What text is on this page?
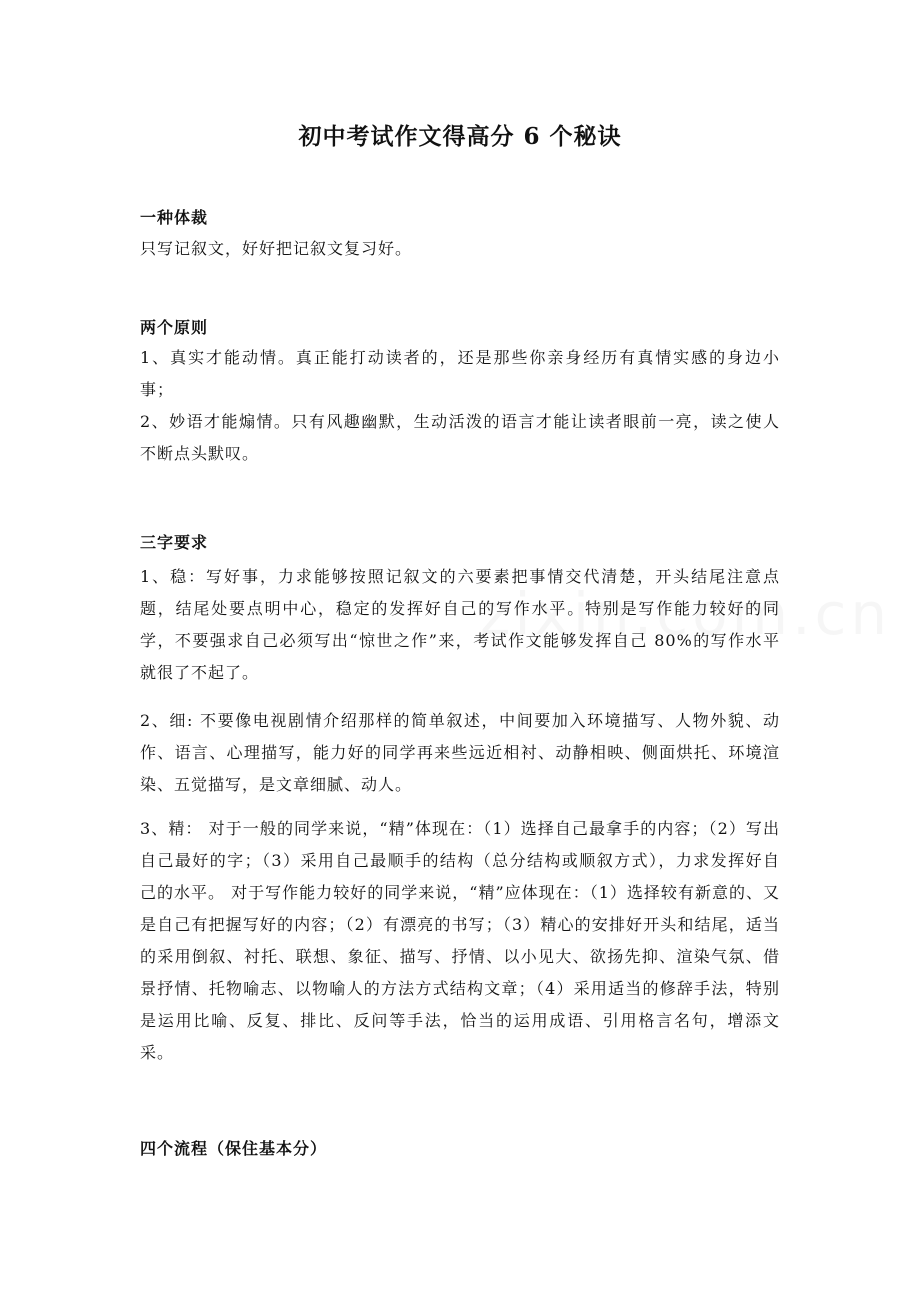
初中考试作文得高分 6 个秘诀
一种体裁

只写记叙文，好好把记叙文复习好。

两个原则

1、真实才能动情。真正能打动读者的，还是那些你亲身经历有真情实感的身边小事；

2、妙语才能煽情。只有风趣幽默，生动活泼的语言才能让读者眼前一亮，读之使人不断点头默叹。

三字要求

1、稳：写好事，力求能够按照记叙文的六要素把事情交代清楚，开头结尾注意点题，结尾处要点明中心，稳定的发挥好自己的写作水平。特别是写作能力较好的同学，不要强求自己必须写出“惊世之作”来，考试作文能够发挥自己 80%的写作水平就很了不起了。

2、细: 不要像电视剧情介绍那样的简单叙述，中间要加入环境描写、人物外貌、动作、语言、心理描写，能力好的同学再来些远近相衬、动静相映、侧面烘托、环境渲染、五觉描写，是文章细腻、动人。

3、精： 对于一般的同学来说，“精”体现在：（1）选择自己最拿手的内容；（2）写出自己最好的字；（3）采用自己最顺手的结构（总分结构或顺叙方式），力求发挥好自己的水平。 对于写作能力较好的同学来说，“精”应体现在：（1）选择较有新意的、又是自己有把握写好的内容；（2）有漂亮的书写；（3）精心的安排好开头和结尾，适当的采用倒叙、衬托、联想、象征、描写、抒情、以小见大、欲扬先抑、渲染气氛、借景抒情、托物喻志、以物喻人的方法方式结构文章；（4）采用适当的修辞手法，特别是运用比喻、反复、排比、反问等手法，恰当的运用成语、引用格言名句，增添文采。

四个流程（保住基本分）
